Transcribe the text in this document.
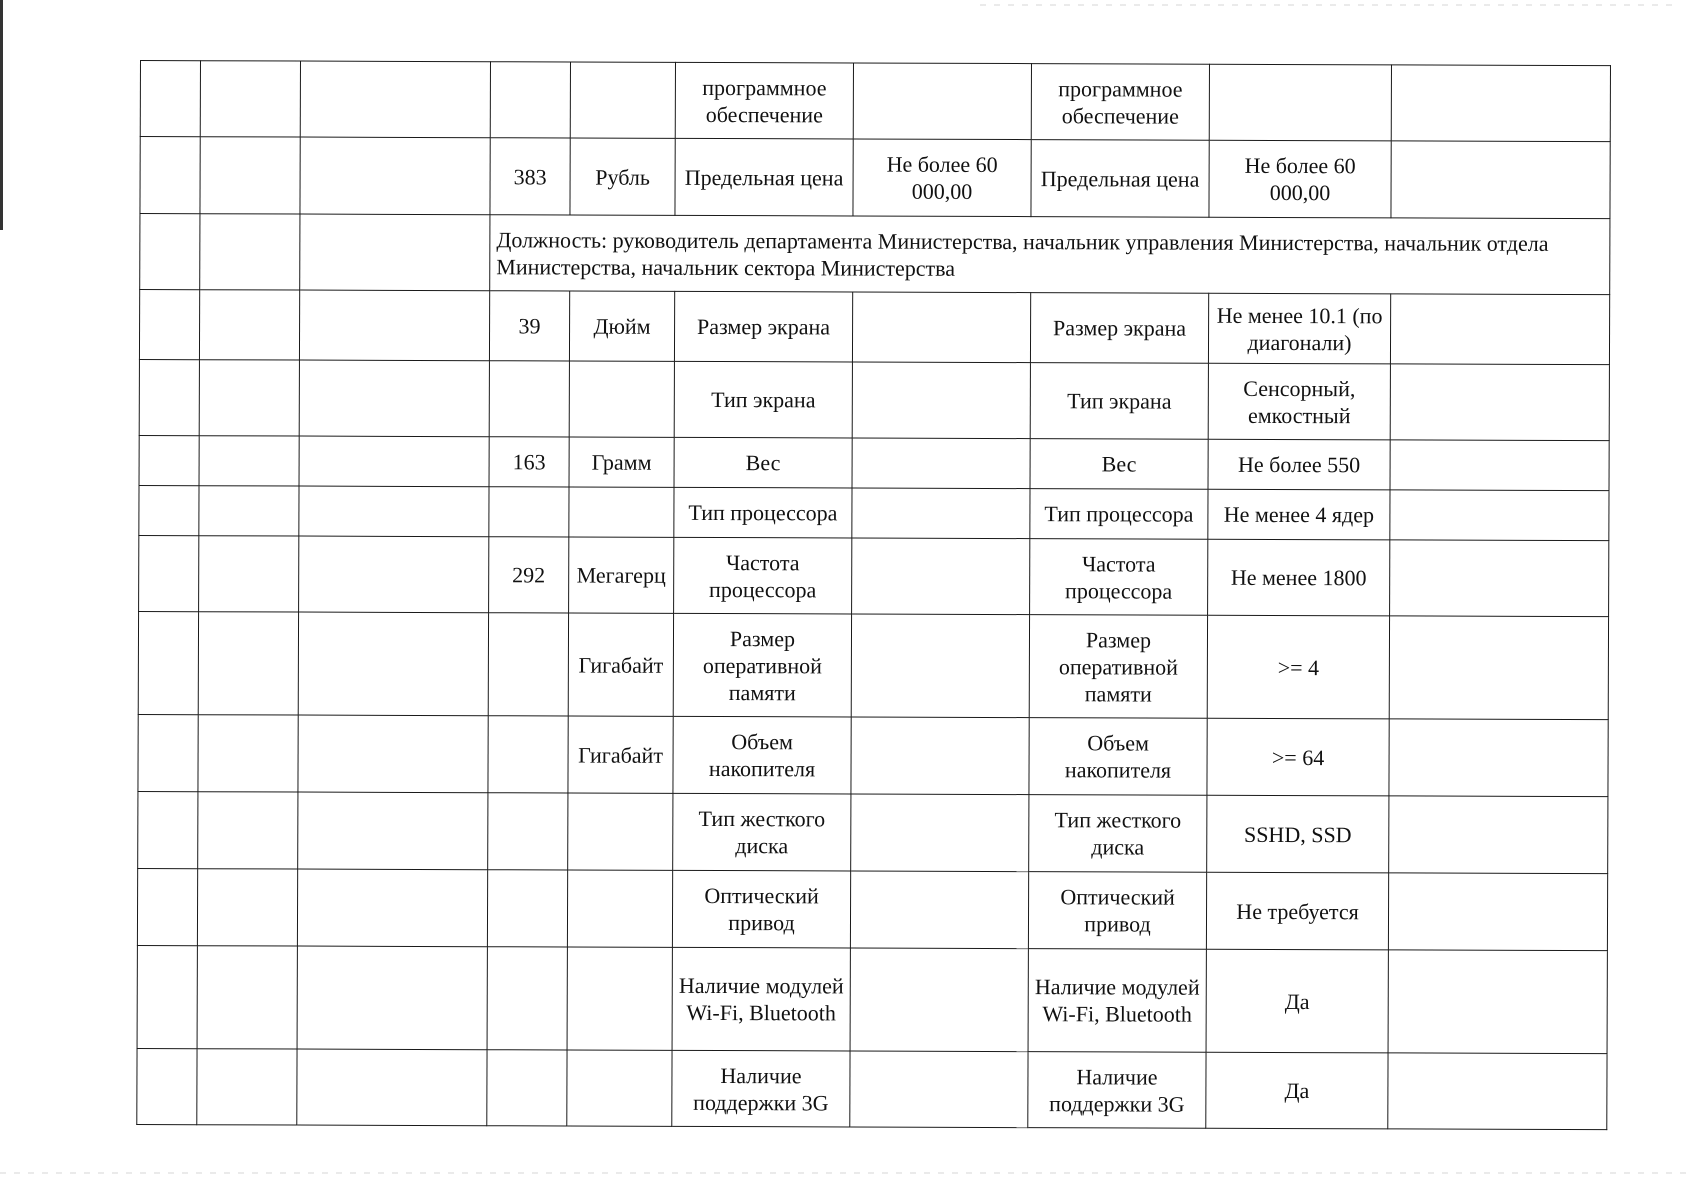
					программное обеспечение		программное обеспечение		
			383	Рубль	Предельная цена	Не более 60 000,00	Предельная цена	Не более 60 000,00	
			Должность: руководитель департамента Министерства, начальник управления Министерства, начальник отдела Министерства, начальник сектора Министерства						
			39	Дюйм	Размер экрана		Размер экрана	Не менее 10.1 (по диагонали)	
					Тип экрана		Тип экрана	Сенсорный, емкостный	
			163	Грамм	Вес		Вес	Не более 550	
					Тип процессора		Тип процессора	Не менее 4 ядер	
			292	Мегагерц	Частота процессора		Частота процессора	Не менее 1800	
				Гигабайт	Размер оперативной памяти		Размер оперативной памяти	>= 4	
				Гигабайт	Объем накопителя		Объем накопителя	>= 64	
					Тип жесткого диска		Тип жесткого диска	SSHD, SSD	
					Оптический привод		Оптический привод	Не требуется	
					Наличие модулей Wi-Fi, Bluetooth		Наличие модулей Wi-Fi, Bluetooth	Да	
					Наличие поддержки 3G		Наличие поддержки 3G	Да	
